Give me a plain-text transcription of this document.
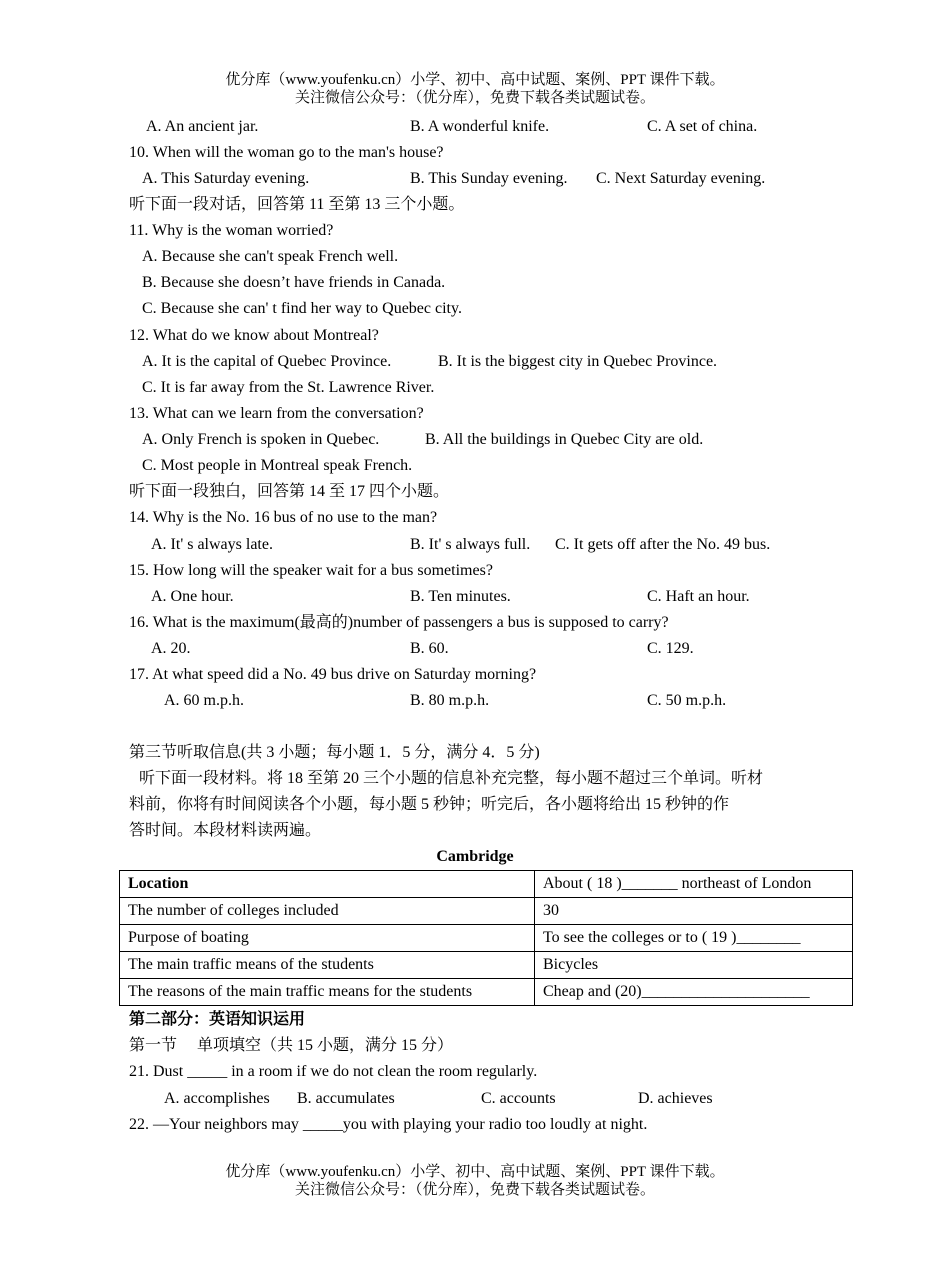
优分库（www.youfenku.cn）小学、初中、高中试题、案例、PPT 课件下载。
关注微信公众号：（优分库），免费下载各类试题试卷。
A. An ancient jar.	B. A wonderful knife.	C. A set of china.
10. When will the woman go to the man's house?
A. This Saturday evening.	B. This Sunday evening. C. Next Saturday evening.
听下面一段对话，回答第 11 至第 13 三个小题。
11. Why is the woman worried?
A. Because she can't speak French well.
B. Because she doesn’t have friends in Canada.
C. Because she can' t find her way to Quebec city.
12. What do we know about Montreal?
A. It is the capital of Quebec Province.	B. It is the biggest city in Quebec Province.
C. It is far away from the St. Lawrence River.
13. What can we learn from the conversation?
A. Only French is spoken in Quebec.	B. All the buildings in Quebec City are old.
C. Most people in Montreal speak French.
听下面一段独白，回答第 14 至 17 四个小题。
14. Why is the No. 16 bus of no use to the man?
A. It' s always late.	B. It' s always full. C. It gets off after the No. 49 bus.
15. How long will the speaker wait for a bus sometimes?
A. One hour.	B. Ten minutes.	C. Haft an hour.
16. What is the maximum(最高的)number of passengers a bus is supposed to carry?
A. 20.	B. 60.	C. 129.
17. At what speed did a No. 49 bus drive on Saturday morning?
A. 60 m.p.h.	B. 80 m.p.h.	C. 50 m.p.h.
第三节听取信息(共 3 小题；每小题 1．5 分，满分 4．5 分)
听下面一段材料。将 18 至第 20 三个小题的信息补充完整，每小题不超过三个单词。听材
料前，你将有时间阅读各个小题，每小题 5 秒钟；听完后，各小题将给出 15 秒钟的作
答时间。本段材料读两遍。
Cambridge
Location	About ( 18 )_______ northeast of London
The number of colleges included	30
Purpose of boating	To see the colleges or to ( 19 )________
The main traffic means of the students	Bicycles
The reasons of the main traffic means for the students	Cheap and (20)_____________________
第二部分：英语知识运用
第一节　 单项填空（共 15 小题，满分 15 分）
21. Dust _____ in a room if we do not clean the room regularly.
A. accomplishes B. accumulates	C. accounts	D. achieves
22. —Your neighbors may _____you with playing your radio too loudly at night.
优分库（www.youfenku.cn）小学、初中、高中试题、案例、PPT 课件下载。
关注微信公众号：（优分库），免费下载各类试题试卷。
